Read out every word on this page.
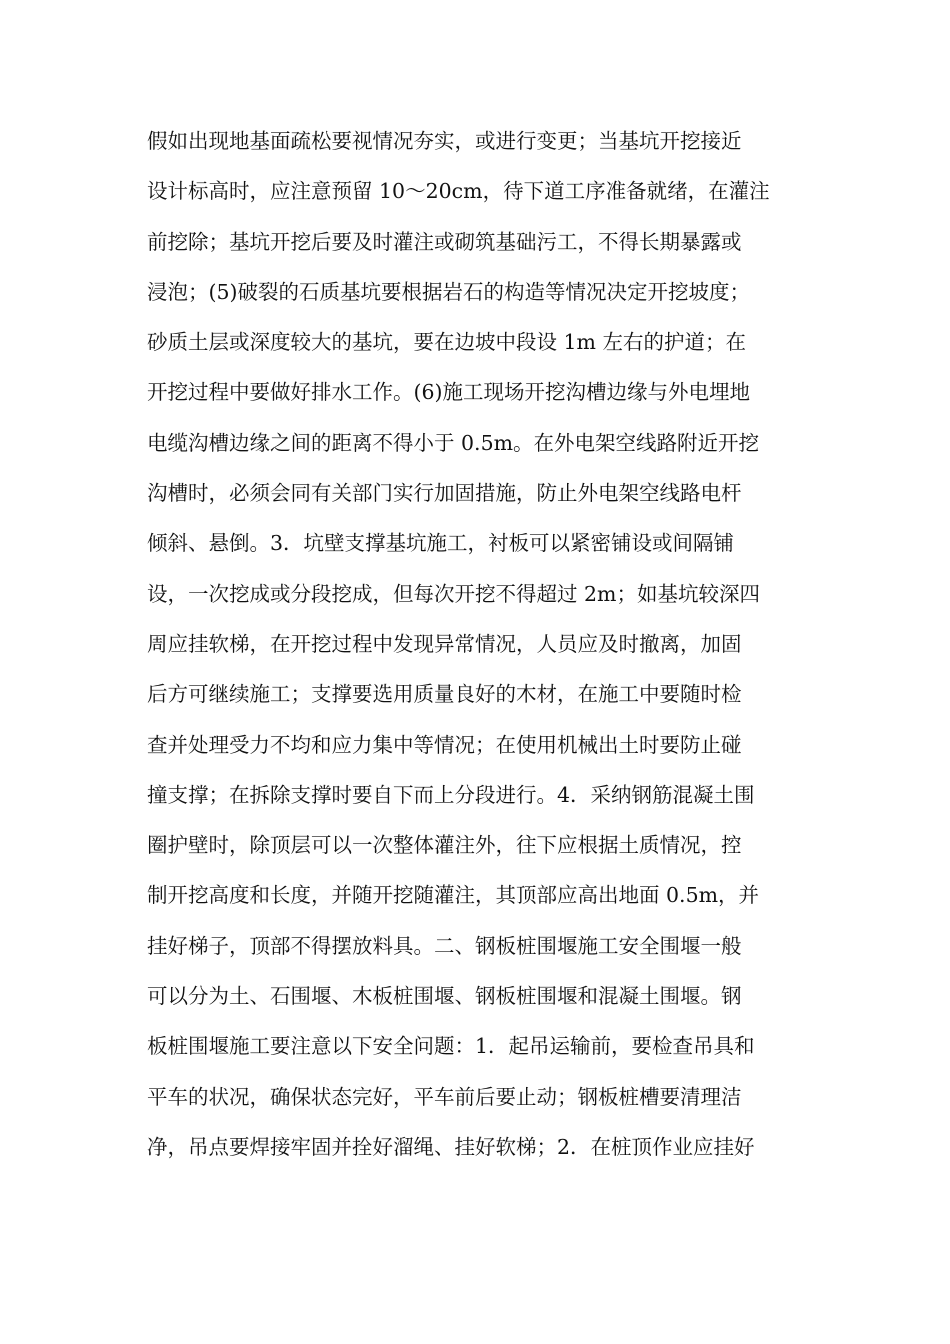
假如出现地基面疏松要视情况夯实，或进行变更；当基坑开挖接近
设计标高时，应注意预留 10～20cm，待下道工序准备就绪，在灌注
前挖除；基坑开挖后要及时灌注或砌筑基础污工，不得长期暴露或
浸泡；(5)破裂的石质基坑要根据岩石的构造等情况决定开挖坡度；
砂质土层或深度较大的基坑，要在边坡中段设 1m 左右的护道；在
开挖过程中要做好排水工作。(6)施工现场开挖沟槽边缘与外电埋地
电缆沟槽边缘之间的距离不得小于 0.5m。在外电架空线路附近开挖
沟槽时，必须会同有关部门实行加固措施，防止外电架空线路电杆
倾斜、悬倒。3．坑壁支撑基坑施工，衬板可以紧密铺设或间隔铺
设，一次挖成或分段挖成，但每次开挖不得超过 2m；如基坑较深四
周应挂软梯，在开挖过程中发现异常情况，人员应及时撤离，加固
后方可继续施工；支撑要选用质量良好的木材，在施工中要随时检
查并处理受力不均和应力集中等情况；在使用机械出土时要防止碰
撞支撑；在拆除支撑时要自下而上分段进行。4．采纳钢筋混凝土围
圈护壁时，除顶层可以一次整体灌注外，往下应根据土质情况，控
制开挖高度和长度，并随开挖随灌注，其顶部应高出地面 0.5m，并
挂好梯子，顶部不得摆放料具。二、钢板桩围堰施工安全围堰一般
可以分为土、石围堰、木板桩围堰、钢板桩围堰和混凝土围堰。钢
板桩围堰施工要注意以下安全问题：1．起吊运输前，要检查吊具和
平车的状况，确保状态完好，平车前后要止动；钢板桩槽要清理洁
净，吊点要焊接牢固并拴好溜绳、挂好软梯；2．在桩顶作业应挂好
